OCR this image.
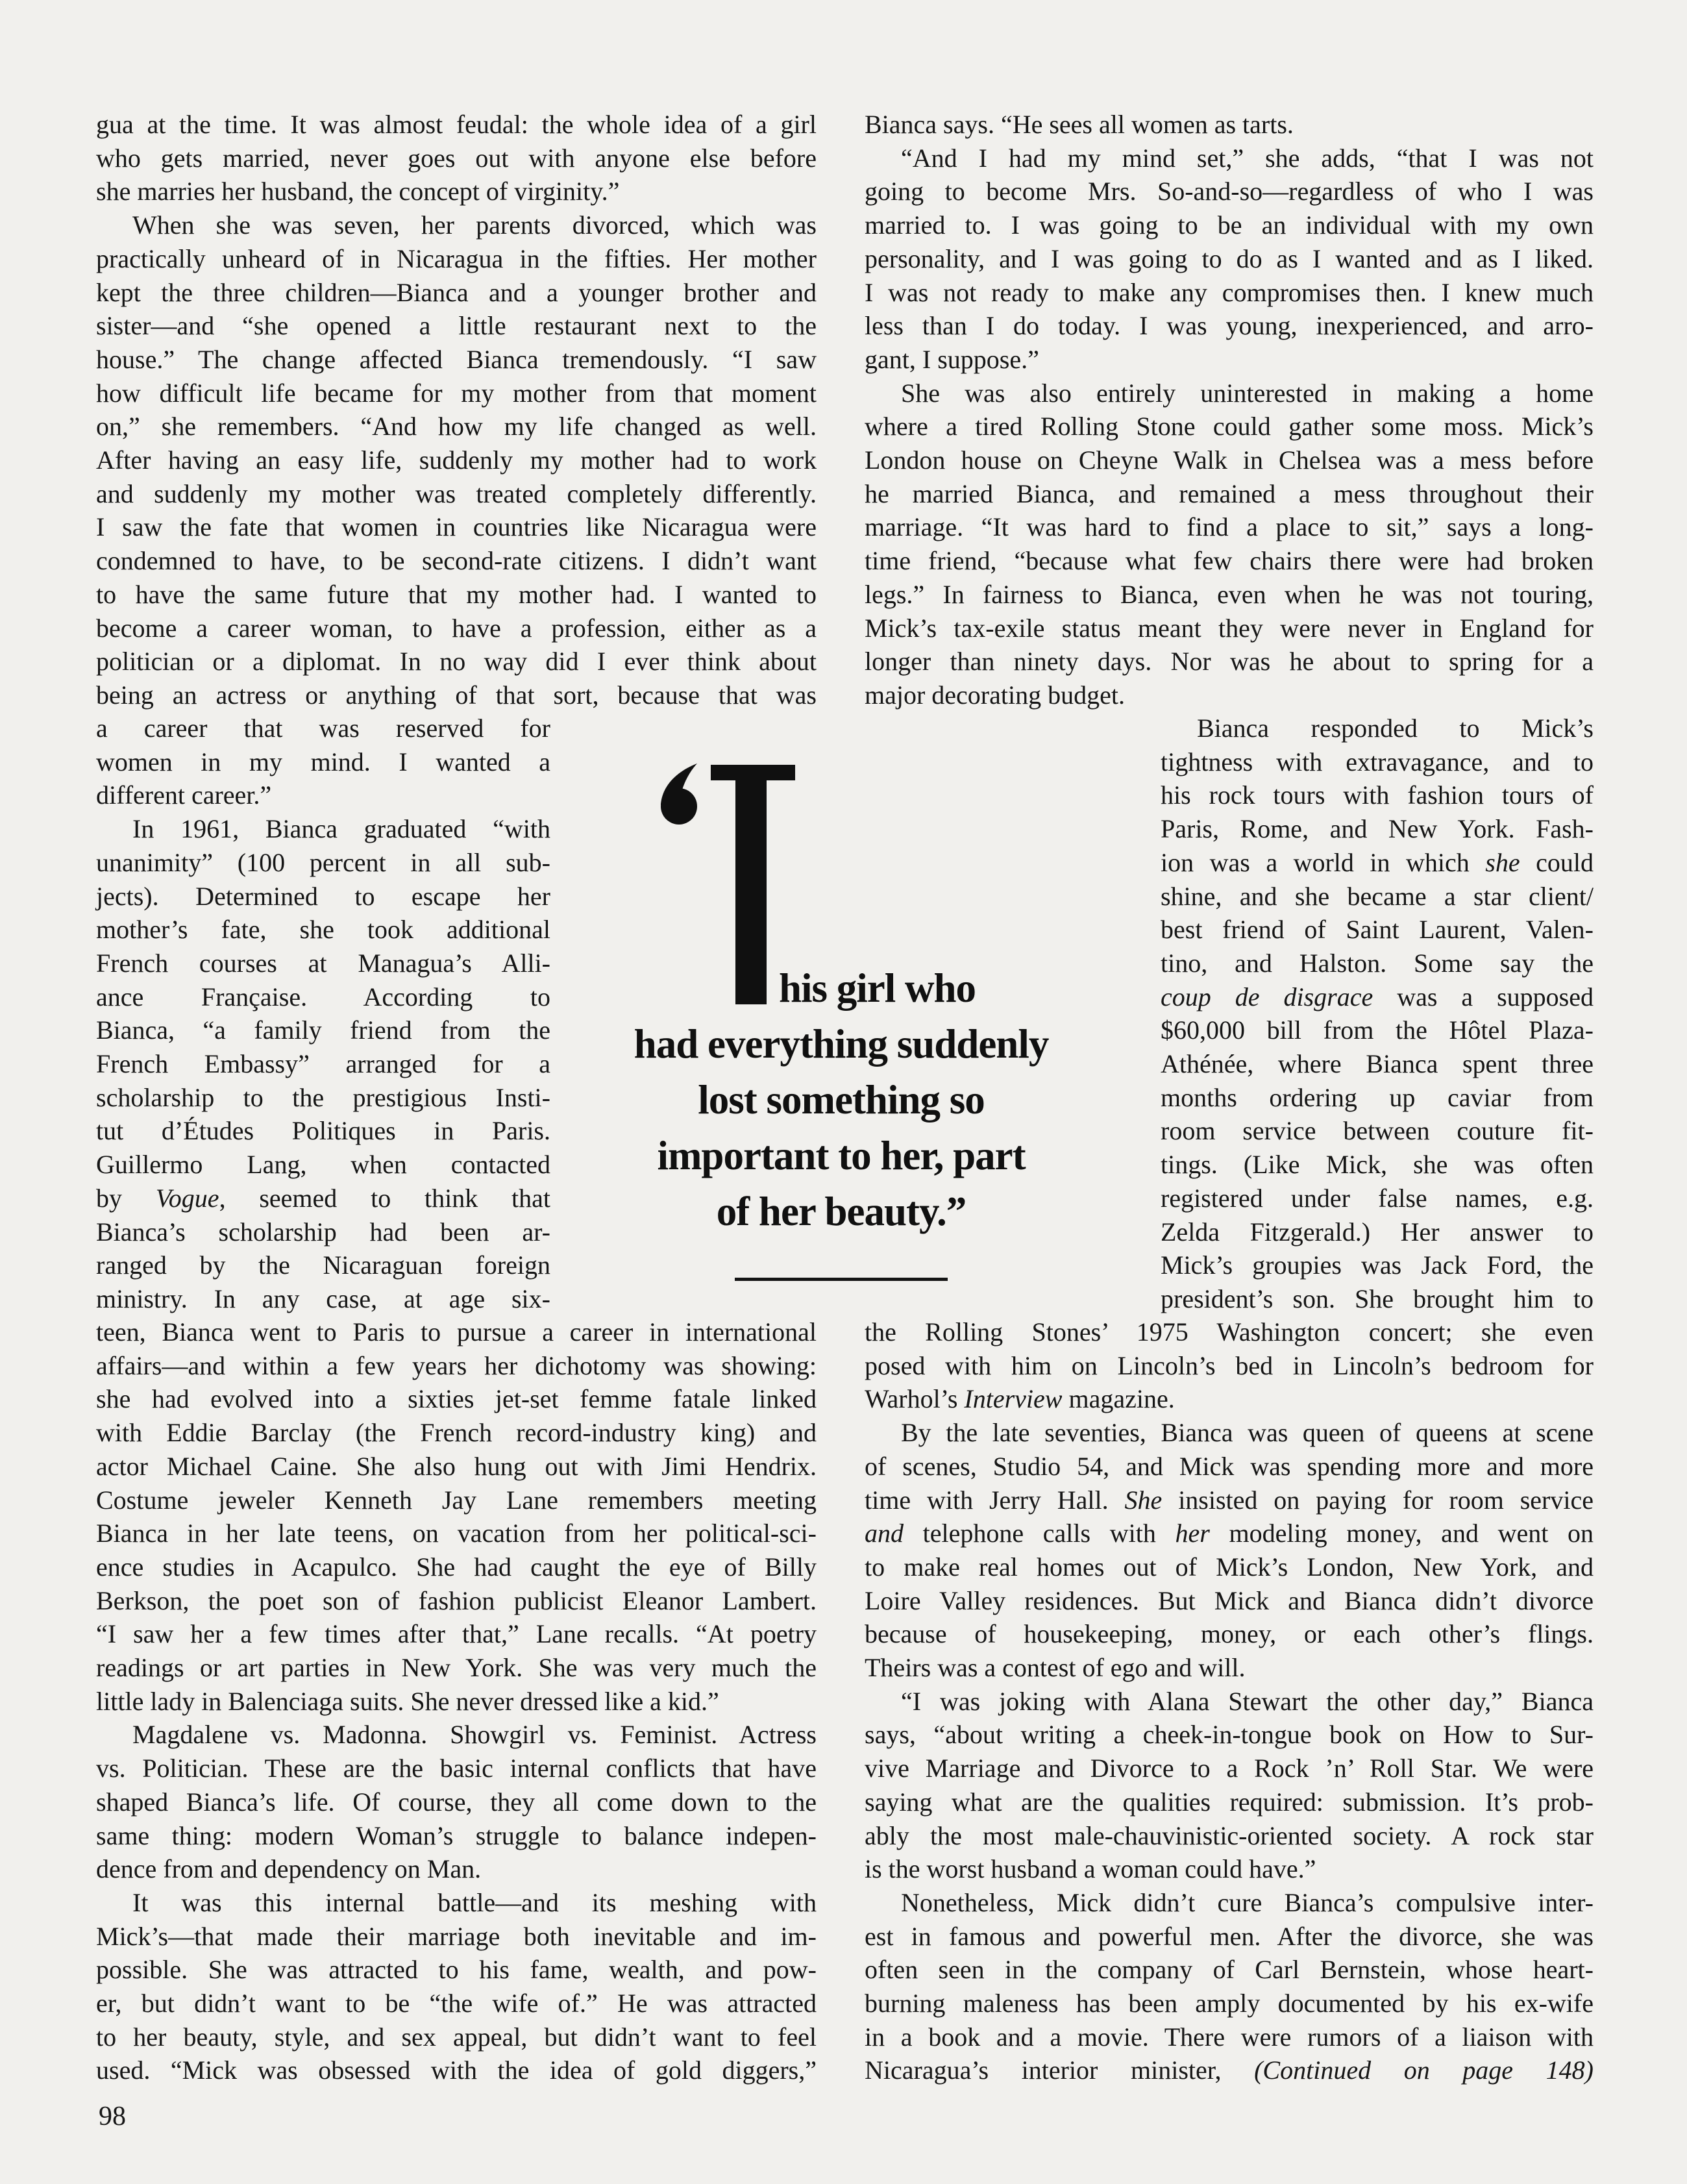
gua at the time. It was almost feudal: the whole idea of a girl
who gets married, never goes out with anyone else before
she marries her husband, the concept of virginity.”
When she was seven, her parents divorced, which was
practically unheard of in Nicaragua in the fifties. Her mother
kept the three children—Bianca and a younger brother and
sister—and “she opened a little restaurant next to the
house.” The change affected Bianca tremendously. “I saw
how difficult life became for my mother from that moment
on,” she remembers. “And how my life changed as well.
After having an easy life, suddenly my mother had to work
and suddenly my mother was treated completely differently.
I saw the fate that women in countries like Nicaragua were
condemned to have, to be second-rate citizens. I didn’t want
to have the same future that my mother had. I wanted to
become a career woman, to have a profession, either as a
politician or a diplomat. In no way did I ever think about
being an actress or anything of that sort, because that was
a career that was reserved for
women in my mind. I wanted a
different career.”
In 1961, Bianca graduated “with
unanimity” (100 percent in all sub-
jects). Determined to escape her
mother’s fate, she took additional
French courses at Managua’s Alli-
ance Française. According to
Bianca, “a family friend from the
French Embassy” arranged for a
scholarship to the prestigious Insti-
tut d’Études Politiques in Paris.
Guillermo Lang, when contacted
by Vogue, seemed to think that
Bianca’s scholarship had been ar-
ranged by the Nicaraguan foreign
ministry. In any case, at age six-
teen, Bianca went to Paris to pursue a career in international
affairs—and within a few years her dichotomy was showing:
she had evolved into a sixties jet-set femme fatale linked
with Eddie Barclay (the French record-industry king) and
actor Michael Caine. She also hung out with Jimi Hendrix.
Costume jeweler Kenneth Jay Lane remembers meeting
Bianca in her late teens, on vacation from her political-sci-
ence studies in Acapulco. She had caught the eye of Billy
Berkson, the poet son of fashion publicist Eleanor Lambert.
“I saw her a few times after that,” Lane recalls. “At poetry
readings or art parties in New York. She was very much the
little lady in Balenciaga suits. She never dressed like a kid.”
Magdalene vs. Madonna. Showgirl vs. Feminist. Actress
vs. Politician. These are the basic internal conflicts that have
shaped Bianca’s life. Of course, they all come down to the
same thing: modern Woman’s struggle to balance indepen-
dence from and dependency on Man.
It was this internal battle—and its meshing with
Mick’s—that made their marriage both inevitable and im-
possible. She was attracted to his fame, wealth, and pow-
er, but didn’t want to be “the wife of.” He was attracted
to her beauty, style, and sex appeal, but didn’t want to feel
used. “Mick was obsessed with the idea of gold diggers,”
Bianca says. “He sees all women as tarts.
“And I had my mind set,” she adds, “that I was not
going to become Mrs. So-and-so—regardless of who I was
married to. I was going to be an individual with my own
personality, and I was going to do as I wanted and as I liked.
I was not ready to make any compromises then. I knew much
less than I do today. I was young, inexperienced, and arro-
gant, I suppose.”
She was also entirely uninterested in making a home
where a tired Rolling Stone could gather some moss. Mick’s
London house on Cheyne Walk in Chelsea was a mess before
he married Bianca, and remained a mess throughout their
marriage. “It was hard to find a place to sit,” says a long-
time friend, “because what few chairs there were had broken
legs.” In fairness to Bianca, even when he was not touring,
Mick’s tax-exile status meant they were never in England for
longer than ninety days. Nor was he about to spring for a
major decorating budget.
Bianca responded to Mick’s
tightness with extravagance, and to
his rock tours with fashion tours of
Paris, Rome, and New York. Fash-
ion was a world in which she could
shine, and she became a star client/
best friend of Saint Laurent, Valen-
tino, and Halston. Some say the
coup de disgrace was a supposed
$60,000 bill from the Hôtel Plaza-
Athénée, where Bianca spent three
months ordering up caviar from
room service between couture fit-
tings. (Like Mick, she was often
registered under false names, e.g.
Zelda Fitzgerald.) Her answer to
Mick’s groupies was Jack Ford, the
president’s son. She brought him to
the Rolling Stones’ 1975 Washington concert; she even
posed with him on Lincoln’s bed in Lincoln’s bedroom for
Warhol’s Interview magazine.
By the late seventies, Bianca was queen of queens at scene
of scenes, Studio 54, and Mick was spending more and more
time with Jerry Hall. She insisted on paying for room service
and telephone calls with her modeling money, and went on
to make real homes out of Mick’s London, New York, and
Loire Valley residences. But Mick and Bianca didn’t divorce
because of housekeeping, money, or each other’s flings.
Theirs was a contest of ego and will.
“I was joking with Alana Stewart the other day,” Bianca
says, “about writing a cheek-in-tongue book on How to Sur-
vive Marriage and Divorce to a Rock ’n’ Roll Star. We were
saying what are the qualities required: submission. It’s prob-
ably the most male-chauvinistic-oriented society. A rock star
is the worst husband a woman could have.”
Nonetheless, Mick didn’t cure Bianca’s compulsive inter-
est in famous and powerful men. After the divorce, she was
often seen in the company of Carl Bernstein, whose heart-
burning maleness has been amply documented by his ex-wife
in a book and a movie. There were rumors of a liaison with
Nicaragua’s interior minister, (Continued on page 148)
his girl who
had everything suddenly
lost something so
important to her, part
of her beauty.”
98
